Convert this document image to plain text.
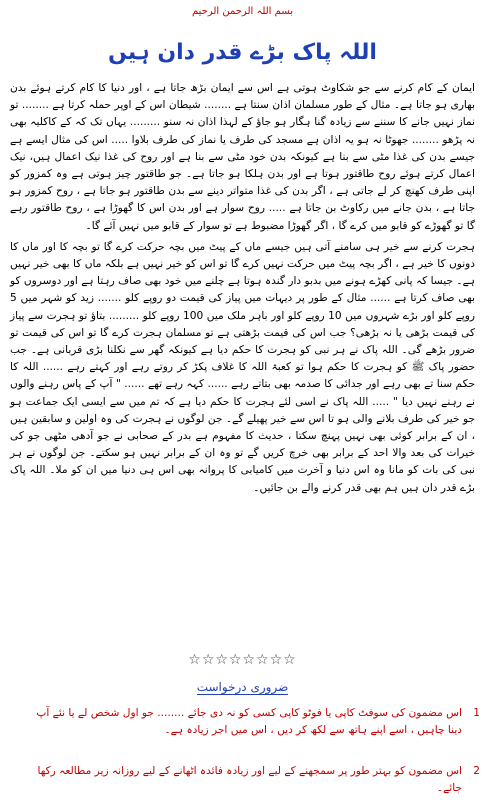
بسم اللہ الرحمن الرحیم
اللہ پاک بڑے قدر دان ہیں

ایمان کے کام کرنے سے جو شکاوٹ ہوتی ہے اس سے ایمان بڑھ جاتا ہے ، اور دنیا کا کام کرتے ہوئے بدن بھاری ہو جاتا ہے۔ مثال کے طور مسلمان اذان سنتا ہے ........ شیطان اس کے اوپر حملہ کرتا ہے ........ تو نماز نہیں جانے کا سننے سے زیادہ گنا ہگار ہو جاؤ کے لہذا اذان نہ سنو ......... یہاں تک کہ کے کاکلیہ بھی نہ پڑھو ........ جھوٹا نہ ہو یہ اذان ہے مسجد کی طرف یا نماز کی طرف بلاوا ..... اس کی مثال ایسے ہے جیسے بدن کی غذا مٹی سے بنا ہے کیونکہ بدن خود مٹی سے بنا ہے اور روح کی غذا نیک اعمال ہیں، نیک اعمال کرتے ہوئے روح طاقتور ہوتا ہے اور بدن ہلکا ہو جاتا ہے۔ جو طاقتور چیز ہوتی ہے وہ کمزور کو اپنی طرف کھنچ کر لے جاتی ہے ، اگر بدن کی غذا متواتر دینے سے بدن طاقتور ہو جاتا ہے ، روح کمزور ہو جاتا ہے ، بدن جانے میں رکاوٹ بن جاتا ہے ..... روح سوار ہے اور بدن اس کا گھوڑا ہے ، روح طاقتور رہے گا تو گھوڑے کو قابو میں کرے گا ، اگر گھوڑا مضبوط ہے تو سوار کے قابو میں نہیں آئے گا۔

ہجرت کرنے سے خیر ہی سامنے آتی ہیں جیسے ماں کے پیٹ میں بچہ حرکت کرے گا تو بچہ کا اور ماں کا دونوں کا خیر ہے ، اگر بچہ پیٹ میں حرکت نہیں کرے گا تو اس کو خیر نہیں ہے بلکہ ماں کا بھی خیر نہیں ہے۔ جیسا کہ پانی کھڑے ہونے میں بدبو دار گندہ ہوتا ہے چلنے میں خود بھی صاف رہتا ہے اور دوسروں کو بھی صاف کرتا ہے ...... مثال کے طور پر دیہات میں پیاز کی قیمت دو روپے کلو ....... زید کو شہر میں 5 روپے کلو اور بڑے شہروں میں 10 روپے کلو اور باہر ملک میں 100 روپے کلو ......... بتاؤ تو ہجرت سے پیاز کی قیمت بڑھی یا نہ بڑھی؟ جب اس کی قیمت بڑھتی ہے تو مسلمان ہجرت کرے گا تو اس کی قیمت تو ضرور بڑھے گی۔ اللہ پاک نے ہر نبی کو ہجرت کا حکم دیا ہے کیونکہ گھر سے نکلنا بڑی قربانی ہے۔ جب حضور پاک ﷺ کو ہجرت کا حکم ہوا تو کعبۃ اللہ کا غلاف پکڑ کر روتے رہے اور کہتے رہے ...... اللہ کا حکم سنا تے بھی رہے اور جدائی کا صدمہ بھی بتاتے رہے ...... کہہ رہے تھے ...... " آپ کے پاس رہنے والوں نے رہنے نہیں دیا " ..... اللہ پاک نے اسی لئے ہجرت کا حکم دیا ہے کہ تم میں سے ایسی ایک جماعت ہو جو خیر کی طرف بلانے والی ہو تا اس سے خیر پھیلے گے۔ جن لوگوں نے ہجرت کی وہ اولین و سابقین ہیں ، ان کے برابر کوئی بھی نہیں پہنچ سکتا ، حدیث کا مفہوم ہے بدر کے صحابی نے جو آدھی مٹھی جو کی خیرات کی بعد والا احد کے برابر بھی خرچ کریں گے تو وہ ان کے برابر نہیں ہو سکتے۔ جن لوگوں نے ہر نبی کی بات کو مانا وہ اس دنیا و آخرت میں کامیابی کا پروانہ بھی اس ہی دنیا میں ان کو ملا۔ اللہ پاک بڑے قدر دان ہیں ہم بھی قدر کرنے والے بن جائیں۔

☆☆☆☆☆☆☆☆
ضروری درخواست
1
اس مضمون کی سوفٹ کاپی یا فوٹو کاپی کسی کو نہ دی جائے ........ جو اول شخص لے یا نئے آپ دینا چاہیں ، اسے اپنے ہاتھ سے لکھ کر دیں ، اس میں اجر زیادہ ہے۔
2
اس مضمون کو بہتر طور پر سمجھنے کے لیے اور زیادہ فائدہ اٹھانے کے لیے روزانہ زیر مطالعہ رکھا جائے۔
